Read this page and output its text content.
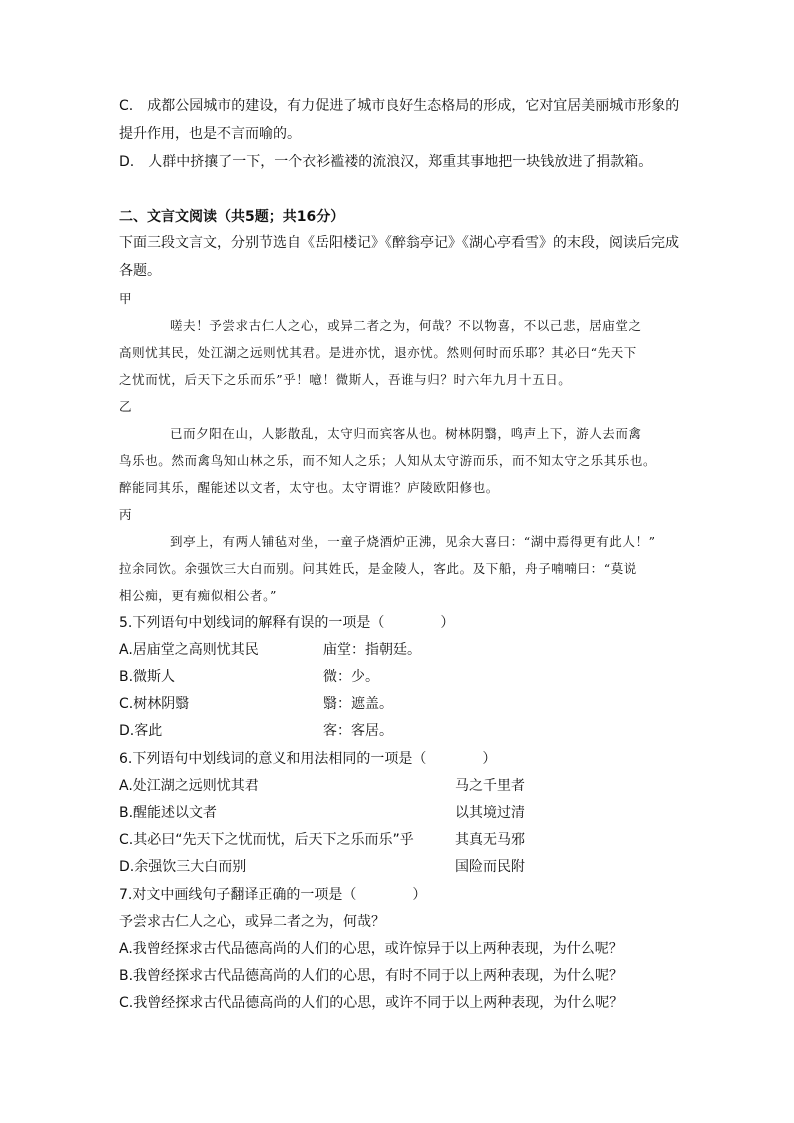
C.　成都公园城市的建设，有力促进了城市良好生态格局的形成，它对宜居美丽城市形象的
提升作用，也是不言而喻的。
D.　人群中挤攘了一下，一个衣衫褴褛的流浪汉，郑重其事地把一块钱放进了捐款箱。
二、文言文阅读（共5题；共16分）
下面三段文言文，分别节选自《岳阳楼记》《醉翁亭记》《湖心亭看雪》的末段，阅读后完成
各题。
甲
嗟夫！予尝求古仁人之心，或异二者之为，何哉？不以物喜，不以己悲，居庙堂之
高则忧其民，处江湖之远则忧其君。是进亦忧，退亦忧。然则何时而乐耶？其必曰“先天下
之忧而忧，后天下之乐而乐”乎！噫！微斯人，吾谁与归？时六年九月十五日。
乙
已而夕阳在山，人影散乱，太守归而宾客从也。树林阴翳，鸣声上下，游人去而禽
鸟乐也。然而禽鸟知山林之乐，而不知人之乐；人知从太守游而乐，而不知太守之乐其乐也。
醉能同其乐，醒能述以文者，太守也。太守谓谁？庐陵欧阳修也。
丙
到亭上，有两人铺毡对坐，一童子烧酒炉正沸，见余大喜曰：“湖中焉得更有此人！”
拉余同饮。余强饮三大白而别。问其姓氏，是金陵人，客此。及下船，舟子喃喃曰：“莫说
相公痴，更有痴似相公者。”
5.下列语句中划线词的解释有误的一项是（　　　　）
A.居庙堂之高则忧其民	庙堂：指朝廷。
B.微斯人	微：少。
C.树林阴翳	翳：遮盖。
D.客此	客：客居。
6.下列语句中划线词的意义和用法相同的一项是（　　　　）
A.处江湖之远则忧其君	马之千里者
B.醒能述以文者	以其境过清
C.其必曰“先天下之忧而忧，后天下之乐而乐”乎	其真无马邪
D.余强饮三大白而别	国险而民附
7.对文中画线句子翻译正确的一项是（　　　　）
予尝求古仁人之心，或异二者之为，何哉？
A.我曾经探求古代品德高尚的人们的心思，或许惊异于以上两种表现，为什么呢？
B.我曾经探求古代品德高尚的人们的心思，有时不同于以上两种表现，为什么呢？
C.我曾经探求古代品德高尚的人们的心思，或许不同于以上两种表现，为什么呢？
